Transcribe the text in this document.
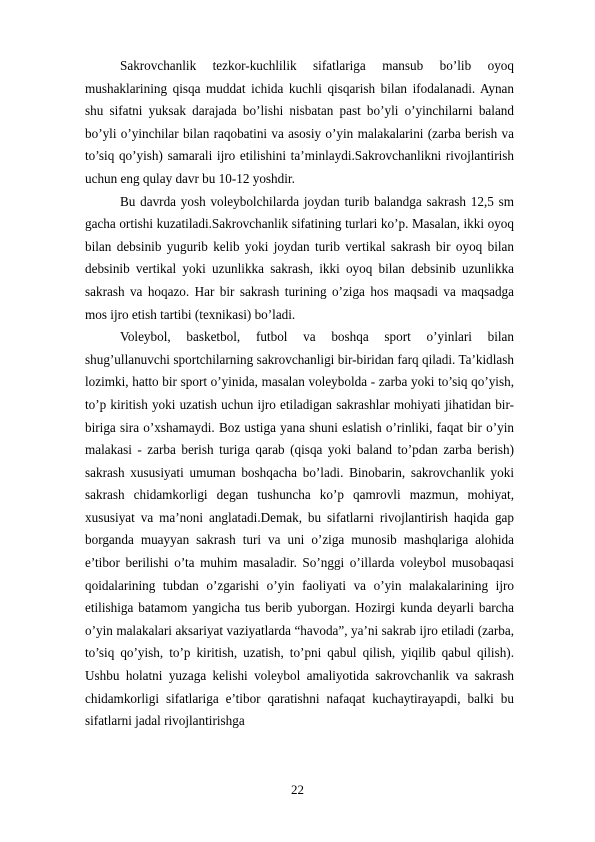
Sakrovchanlik tezkor-kuchlilik sifatlariga mansub bo’lib oyoq mushaklarining qisqa muddat ichida kuchli qisqarish bilan ifodalanadi. Aynan shu sifatni yuksak darajada bo’lishi nisbatan past bo’yli o’yinchilarni baland bo’yli o’yinchilar bilan raqobatini va asosiy o’yin malakalarini (zarba berish va to’siq qo’yish) samarali ijro etilishini ta’minlaydi.Sakrovchanlikni rivojlantirish uchun eng qulay davr bu 10-12 yoshdir.

Bu davrda yosh voleybolchilarda joydan turib balandga sakrash 12,5 sm gacha ortishi kuzatiladi.Sakrovchanlik sifatining turlari ko’p. Masalan, ikki oyoq bilan debsinib yugurib kelib yoki joydan turib vertikal sakrash bir oyoq bilan debsinib vertikal yoki uzunlikka sakrash, ikki oyoq bilan debsinib uzunlikka sakrash va hoqazo. Har bir sakrash turining o’ziga hos maqsadi va maqsadga mos ijro etish tartibi (texnikasi) bo’ladi.

Voleybol, basketbol, futbol va boshqa sport o’yinlari bilan shug’ullanuvchi sportchilarning sakrovchanligi bir-biridan farq qiladi. Ta’kidlash lozimki, hatto bir sport o’yinida, masalan voleybolda - zarba yoki to’siq qo’yish, to’p kiritish yoki uzatish uchun ijro etiladigan sakrashlar mohiyati jihatidan bir-biriga sira o’xshamaydi. Boz ustiga yana shuni eslatish o’rinliki, faqat bir o’yin malakasi - zarba berish turiga qarab (qisqa yoki baland to’pdan zarba berish) sakrash xususiyati umuman boshqacha bo’ladi. Binobarin, sakrovchanlik yoki sakrash chidamkorligi degan tushuncha ko’p qamrovli mazmun, mohiyat, xususiyat va ma’noni anglatadi.Demak, bu sifatlarni rivojlantirish haqida gap borganda muayyan sakrash turi va uni o’ziga munosib mashqlariga alohida e’tibor berilishi o’ta muhim masaladir. So’nggi o’illarda voleybol musobaqasi qoidalarining tubdan o’zgarishi o’yin faoliyati va o’yin malakalarining ijro etilishiga batamom yangicha tus berib yuborgan. Hozirgi kunda deyarli barcha o’yin malakalari aksariyat vaziyatlarda “havoda”, ya’ni sakrab ijro etiladi (zarba, to’siq qo’yish, to’p kiritish, uzatish, to’pni qabul qilish, yiqilib qabul qilish). Ushbu holatni yuzaga kelishi voleybol amaliyotida sakrovchanlik va sakrash chidamkorligi sifatlariga e’tibor qaratishni nafaqat kuchaytirayapdi, balki bu sifatlarni jadal rivojlantirishga

22
